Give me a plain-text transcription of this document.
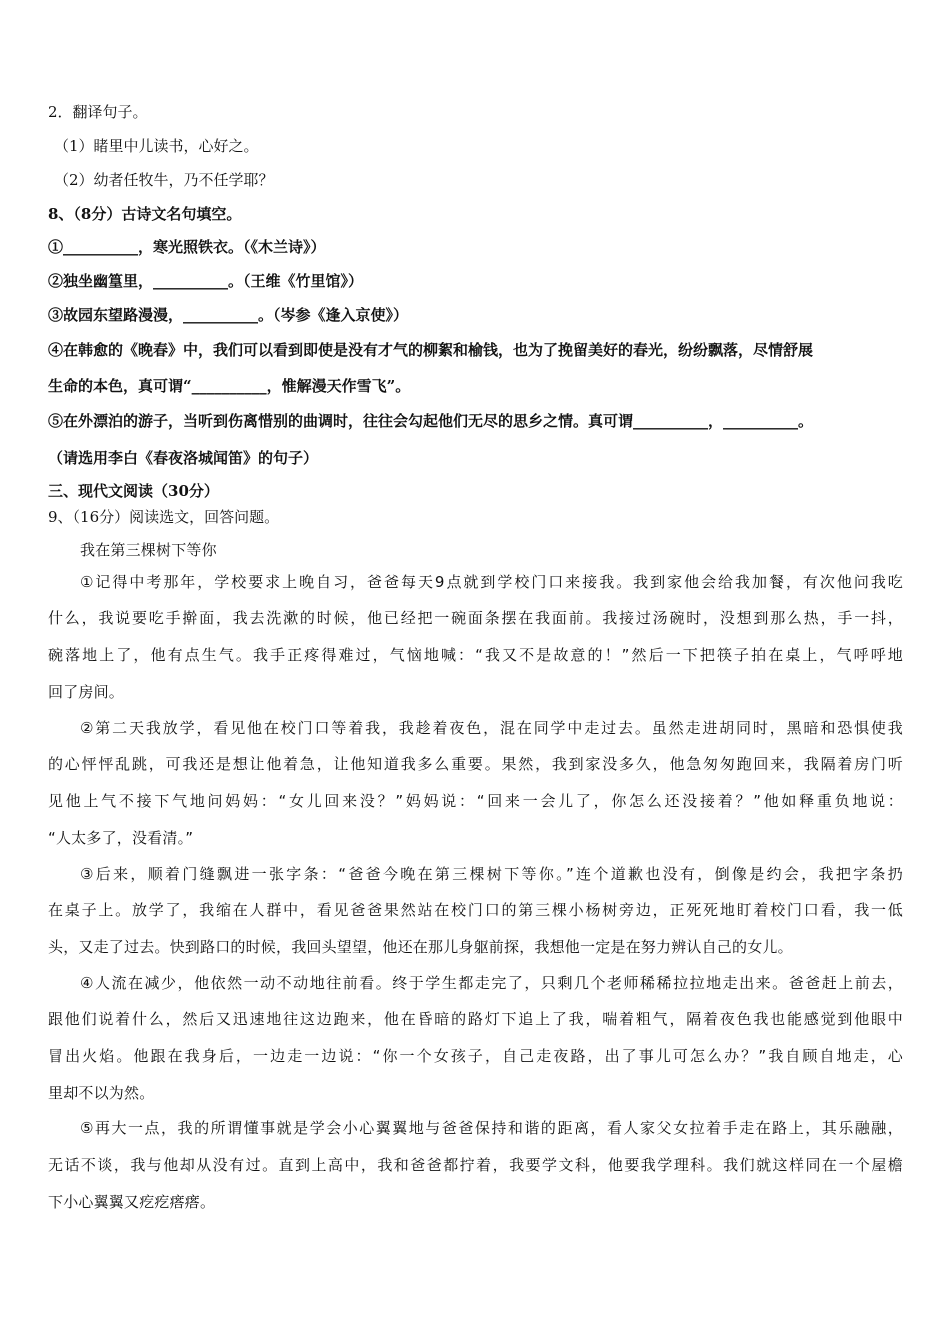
2．翻译句子。
（1）睹里中儿读书，心好之。
（2）幼者任牧牛，乃不任学耶？
8、（8分）古诗文名句填空。
①__________，寒光照铁衣。（《木兰诗》）
②独坐幽篁里，__________。（王维《竹里馆》）
③故园东望路漫漫，__________。（岑参《逢入京使》）
④在韩愈的《晚春》中，我们可以看到即使是没有才气的柳絮和榆钱，也为了挽留美好的春光，纷纷飘落，尽情舒展
生命的本色，真可谓“__________，惟解漫天作雪飞”。
⑤在外漂泊的游子，当听到伤离惜别的曲调时，往往会勾起他们无尽的思乡之情。真可谓__________，__________。
（请选用李白《春夜洛城闻笛》的句子）
三、现代文阅读（30分）
9、（16分）阅读选文，回答问题。
我在第三棵树下等你
①记得中考那年，学校要求上晚自习，爸爸每天9点就到学校门口来接我。我到家他会给我加餐，有次他问我吃
什么，我说要吃手擀面，我去洗漱的时候，他已经把一碗面条摆在我面前。我接过汤碗时，没想到那么热，手一抖，
碗落地上了，他有点生气。我手正疼得难过，气恼地喊：“我又不是故意的！”然后一下把筷子拍在桌上，气呼呼地
回了房间。
②第二天我放学，看见他在校门口等着我，我趁着夜色，混在同学中走过去。虽然走进胡同时，黑暗和恐惧使我
的心怦怦乱跳，可我还是想让他着急，让他知道我多么重要。果然，我到家没多久，他急匆匆跑回来，我隔着房门听
见他上气不接下气地问妈妈：“女儿回来没？”妈妈说：“回来一会儿了，你怎么还没接着？”他如释重负地说：
“人太多了，没看清。”
③后来，顺着门缝飘进一张字条：“爸爸今晚在第三棵树下等你。”连个道歉也没有，倒像是约会，我把字条扔
在桌子上。放学了，我缩在人群中，看见爸爸果然站在校门口的第三棵小杨树旁边，正死死地盯着校门口看，我一低
头，又走了过去。快到路口的时候，我回头望望，他还在那儿身躯前探，我想他一定是在努力辨认自己的女儿。
④人流在减少，他依然一动不动地往前看。终于学生都走完了，只剩几个老师稀稀拉拉地走出来。爸爸赶上前去，
跟他们说着什么，然后又迅速地往这边跑来，他在昏暗的路灯下追上了我，喘着粗气，隔着夜色我也能感觉到他眼中
冒出火焰。他跟在我身后，一边走一边说：“你一个女孩子，自己走夜路，出了事儿可怎么办？”我自顾自地走，心
里却不以为然。
⑤再大一点，我的所谓懂事就是学会小心翼翼地与爸爸保持和谐的距离，看人家父女拉着手走在路上，其乐融融，
无话不谈，我与他却从没有过。直到上高中，我和爸爸都拧着，我要学文科，他要我学理科。我们就这样同在一个屋檐
下小心翼翼又疙疙瘩瘩。
